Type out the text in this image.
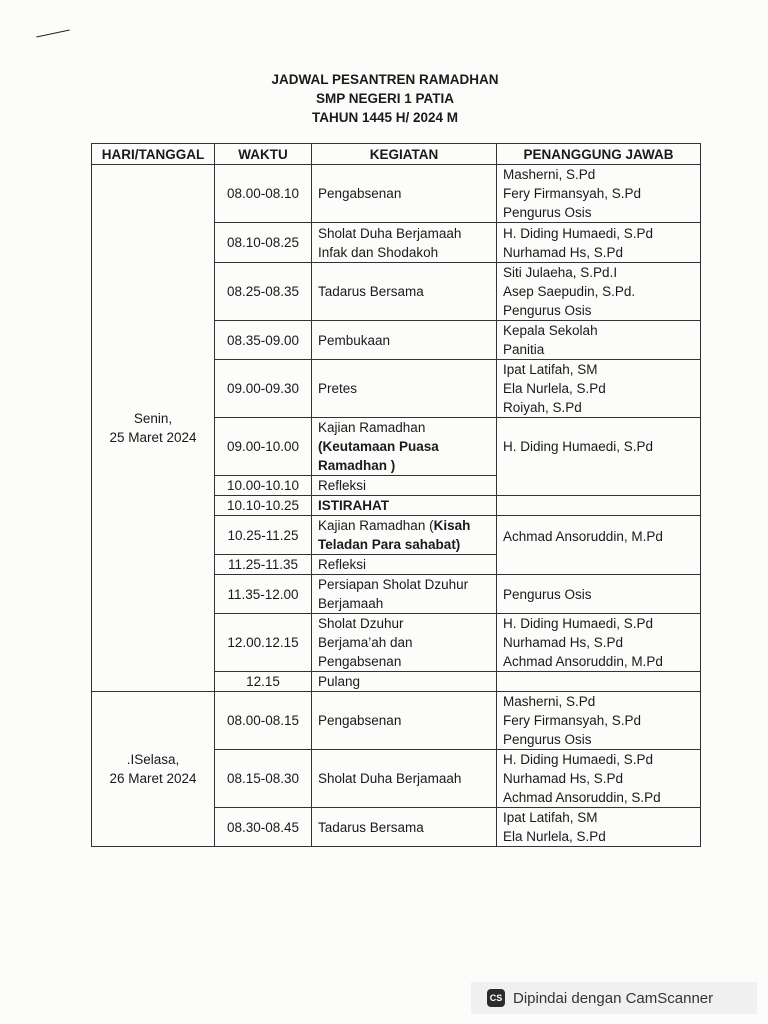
JADWAL PESANTREN RAMADHAN
SMP NEGERI 1 PATIA
TAHUN 1445 H/ 2024 M
HARI/TANGGAL	WAKTU	KEGIATAN	PENANGGUNG JAWAB

Senin,
25 Maret 2024	08.00-08.10	Pengabsenan	Masherni, S.Pd
Fery Firmansyah, S.Pd
Pengurus Osis

	08.10-08.25	Sholat Duha Berjamaah
Infak dan Shodakoh	H. Diding Humaedi, S.Pd
Nurhamad Hs, S.Pd

	08.25-08.35	Tadarus Bersama	Siti Julaeha, S.Pd.I
Asep Saepudin, S.Pd.
Pengurus Osis

	08.35-09.00	Pembukaan	Kepala Sekolah
Panitia

	09.00-09.30	Pretes	Ipat Latifah, SM
Ela Nurlela, S.Pd
Roiyah, S.Pd

	09.00-10.00	Kajian Ramadhan
(Keutamaan Puasa
Ramadhan )	H. Diding Humaedi, S.Pd

	10.00-10.10	Refleksi	

	10.10-10.25	ISTIRAHAT	

	10.25-11.25	Kajian Ramadhan (Kisah
Teladan Para sahabat)	Achmad Ansoruddin, M.Pd

	11.25-11.35	Refleksi	

	11.35-12.00	Persiapan Sholat Dzuhur
Berjamaah	Pengurus Osis

	12.00.12.15	Sholat Dzuhur
Berjama’ah dan
Pengabsenan	H. Diding Humaedi, S.Pd
Nurhamad Hs, S.Pd
Achmad Ansoruddin, M.Pd

	12.15	Pulang	

.ISelasa,
26 Maret 2024	08.00-08.15	Pengabsenan	Masherni, S.Pd
Fery Firmansyah, S.Pd
Pengurus Osis

	08.15-08.30	Sholat Duha Berjamaah	H. Diding Humaedi, S.Pd
Nurhamad Hs, S.Pd
Achmad Ansoruddin, S.Pd

	08.30-08.45	Tadarus Bersama	Ipat Latifah, SM
Ela Nurlela, S.Pd
CS Dipindai dengan CamScanner
